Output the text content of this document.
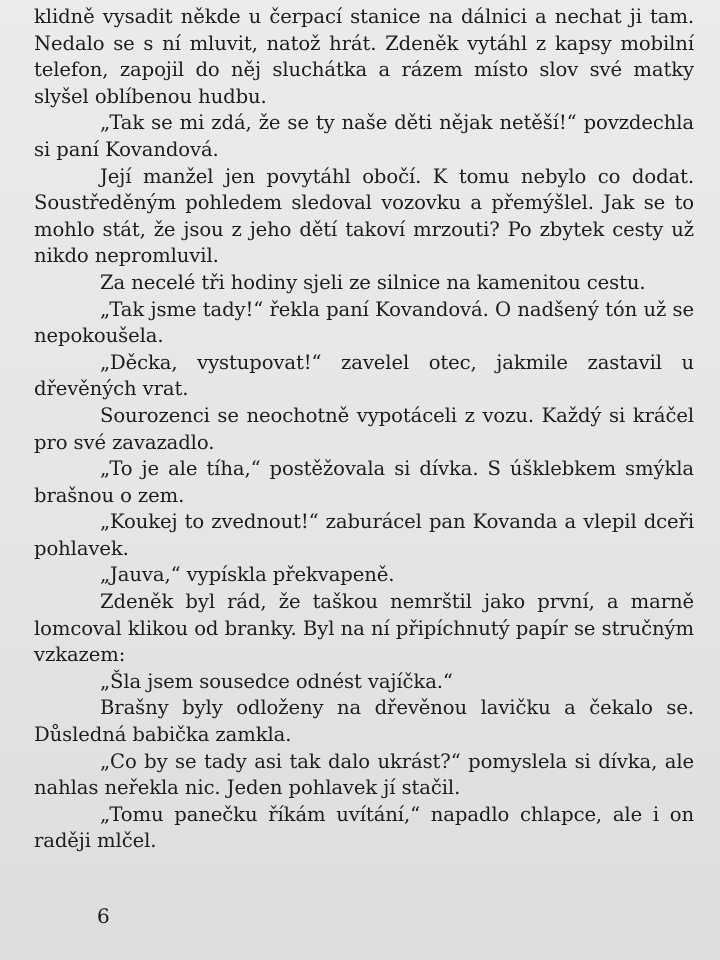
klidně vysadit někde u čerpací stanice na dálnici a nechat ji tam. Nedalo se s ní mluvit, natož hrát. Zdeněk vytáhl z kapsy mobilní telefon, zapojil do něj sluchátka a rázem místo slov své matky slyšel oblíbenou hudbu.

„Tak se mi zdá, že se ty naše děti nějak netěší!“ povzdechla si paní Kovandová.

Její manžel jen povytáhl obočí. K tomu nebylo co dodat. Soustředěným pohledem sledoval vozovku a přemýšlel. Jak se to mohlo stát, že jsou z jeho dětí takoví mrzouti? Po zbytek cesty už nikdo nepromluvil.

Za necelé tři hodiny sjeli ze silnice na kamenitou cestu.

„Tak jsme tady!“ řekla paní Kovandová. O nadšený tón už se nepokoušela.

„Děcka, vystupovat!“ zavelel otec, jakmile zastavil u dřevěných vrat.

Sourozenci se neochotně vypotáceli z vozu. Každý si kráčel pro své zavazadlo.

„To je ale tíha,“ postěžovala si dívka. S úšklebkem smýkla brašnou o zem.

„Koukej to zvednout!“ zaburácel pan Kovanda a vlepil dceři pohlavek.

„Jauva,“ vypískla překvapeně.

Zdeněk byl rád, že taškou nemrštil jako první, a marně lomcoval klikou od branky. Byl na ní připíchnutý papír se stručným vzkazem:

„Šla jsem sousedce odnést vajíčka.“

Brašny byly odloženy na dřevěnou lavičku a čekalo se. Důsledná babička zamkla.

„Co by se tady asi tak dalo ukrást?“ pomyslela si dívka, ale nahlas neřekla nic. Jeden pohlavek jí stačil.

„Tomu panečku říkám uvítání,“ napadlo chlapce, ale i on raději mlčel.

6
